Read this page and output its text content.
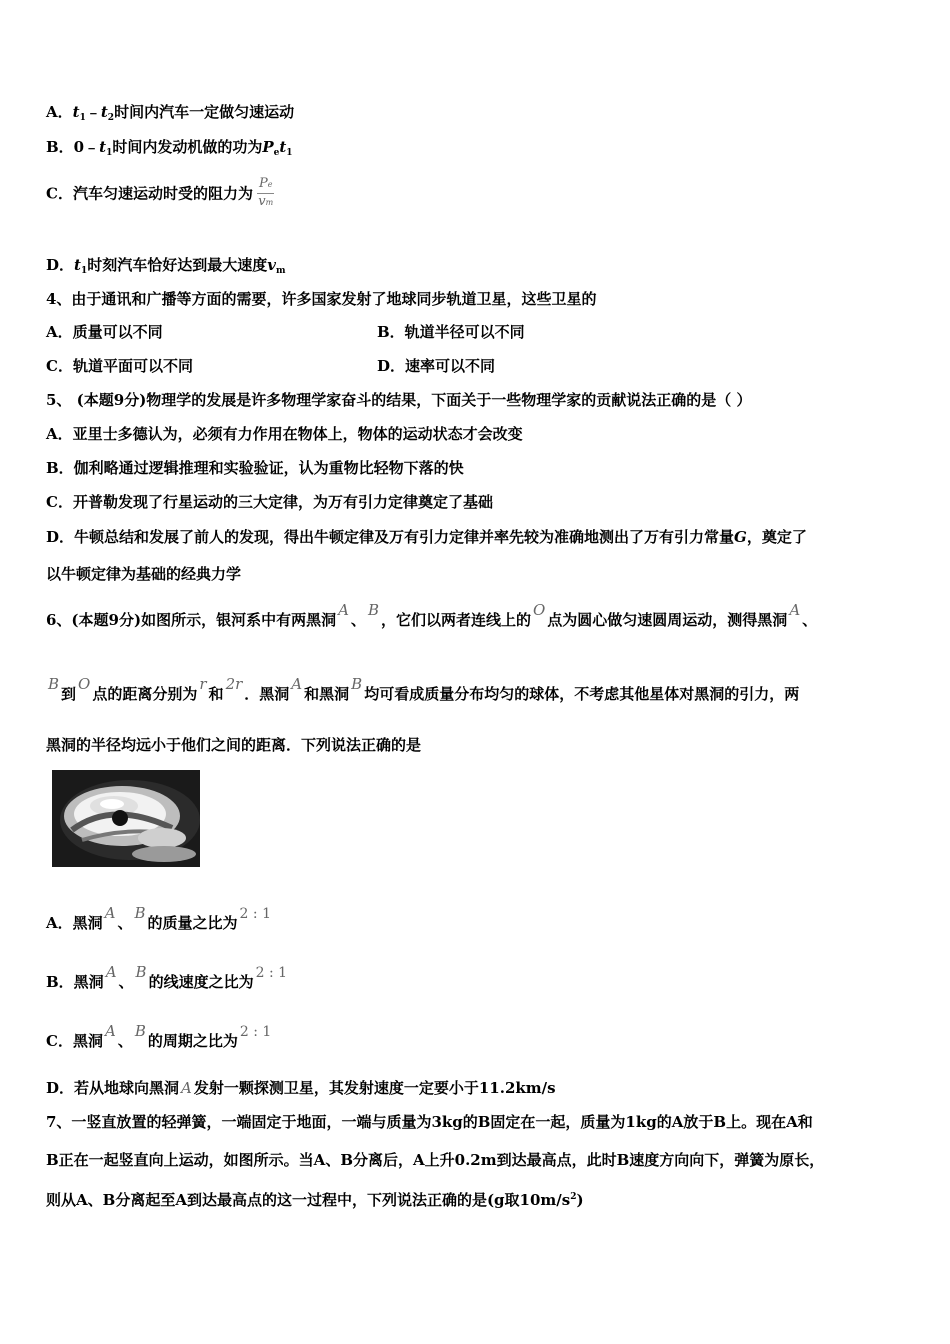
A．$t_1﹣t_2$时间内汽车一定做匀速运动
B．$0﹣t_1$时间内发动机做的功为$P_et_1$
C．汽车匀速运动时受的阻力为 $\frac{Pe}{vm}$
D．$t_1$时刻汽车恰好达到最大速度$v_m$
4、由于通讯和广播等方面的需要，许多国家发射了地球同步轨道卫星，这些卫星的
A．质量可以不同	B．轨道半径可以不同
C．轨道平面可以不同	D．速率可以不同
5、 (本题9分)物理学的发展是许多物理学家奋斗的结果，下面关于一些物理学家的贡献说法正确的是（ ）
A．亚里士多德认为，必须有力作用在物体上，物体的运动状态才会改变
B．伽利略通过逻辑推理和实验验证，认为重物比轻物下落的快
C．开普勒发现了行星运动的三大定律，为万有引力定律奠定了基础
D．牛顿总结和发展了前人的发现，得出牛顿定律及万有引力定律并率先较为准确地测出了万有引力常量G，奠定了
以牛顿定律为基础的经典力学
6、(本题9分)如图所示，银河系中有两黑洞A、B，它们以两者连线上的O点为圆心做匀速圆周运动，测得黑洞A、
B到O点的距离分别为r和2r．黑洞A和黑洞B均可看成质量分布均匀的球体，不考虑其他星体对黑洞的引力，两
黑洞的半径均远小于他们之间的距离．下列说法正确的是
A．黑洞A、B的质量之比为 2 : 1
B．黑洞A、B的线速度之比为 2 : 1
C．黑洞A、B的周期之比为 2 : 1
D．若从地球向黑洞 A 发射一颗探测卫星，其发射速度一定要小于11.2km/s
7、一竖直放置的轻弹簧，一端固定于地面，一端与质量为3kg的B固定在一起，质量为1kg的A放于B上。现在A和
B正在一起竖直向上运动，如图所示。当A、B分离后，A上升0.2m到达最高点，此时B速度方向向下，弹簧为原长，
则从A、B分离起至A到达最高点的这一过程中，下列说法正确的是(g取$10m/s^2$)
